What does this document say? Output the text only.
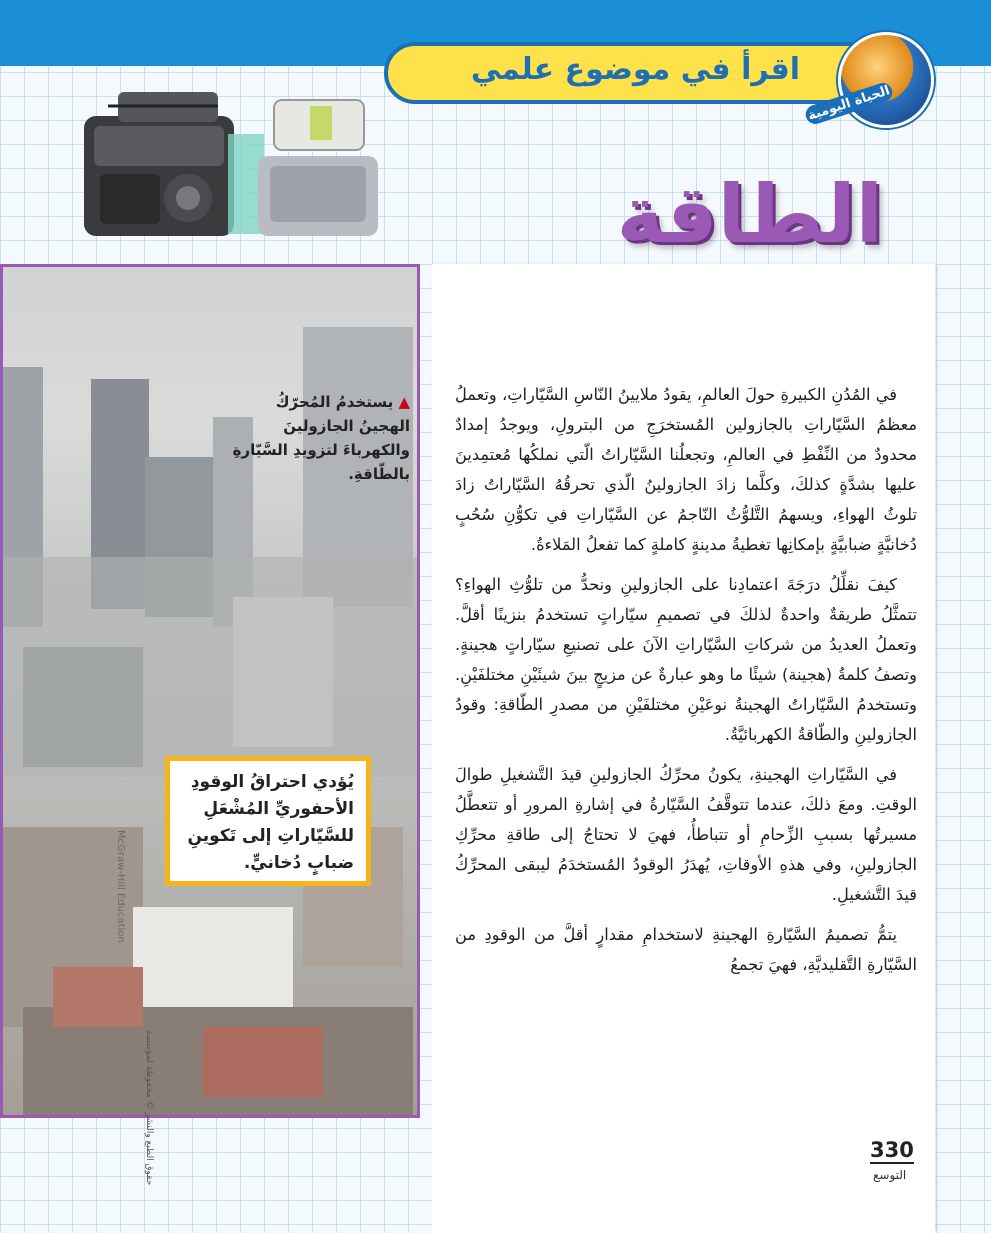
اقرأ في موضوع علمي
الحياة اليومية
الطاقة
▲ يستخدمُ المُحرّكُ الهجينُ الجازولينَ والكهرباءَ لتزويدِ السَّيّارةِ بالطّاقةِ.
يُؤدي احتراقُ الوقودِ الأحفوريِّ المُشْعَلِ للسَّيّاراتِ إلى تَكوينِ ضبابٍ دُخانيٍّ.
McGraw-Hill Education
حقوق الطبع والنشر © محفوظة لمؤسسة

في المُدُنِ الكبيرةِ حولَ العالمِ، يقودُ ملايينُ النّاسِ السَّيّاراتِ، وتعملُ معظمُ السَّيّاراتِ بالجازولين المُستخرَجِ من البترولِ، ويوجدُ إمدادٌ محدودٌ من النِّفْطِ في العالمِ، وتجعلُنا السَّيّاراتُ الّتي نملكُها مُعتمِدينَ عليها بشدَّةٍ كذلكَ، وكلَّما زادَ الجازولينُ الّذي تحرقُهُ السَّيّاراتُ زادَ تلوثُ الهواءِ، ويسهمُ التَّلوُّثُ النّاجمُ عن السَّيّاراتِ في تكوُّنِ سُحُبٍ دُخانيَّةٍ ضبابيَّةٍ بإمكانِها تغطيةُ مدينةٍ كاملةٍ كما تفعلُ المَلاءةُ.

كيفَ نقلِّلُ درَجَةَ اعتمادِنا على الجازولينِ ونحدُّ من تلوُّثِ الهواءِ؟ تتمثَّلُ طريقةٌ واحدةٌ لذلكَ في تصميمِ سيّاراتٍ تستخدمُ بنزينًا أقلَّ. وتعملُ العديدُ من شركاتِ السَّيّاراتِ الآنَ على تصنيعِ سيّاراتٍ هجينةٍ. وتصفُ كلمةُ (هجينة) شيئًا ما وهو عبارةٌ عن مزيجٍ بينَ شيئَيْنِ مختلفَيْنِ. وتستخدمُ السَّيّاراتُ الهجينةُ نوعَيْنِ مختلفَيْنِ من مصدرِ الطّاقةِ: وقودُ الجازولينِ والطّاقةُ الكهربائيَّةُ.

في السَّيّاراتِ الهجينةِ، يكونُ محرِّكُ الجازولينِ قيدَ التَّشغيلِ طوالَ الوقتِ. ومعَ ذلكَ، عندما تتوقَّفُ السَّيّارةُ في إشارةِ المرورِ أو تتعطَّلُ مسيرتُها بسببِ الزِّحامِ أو تتباطأُ، فهيَ لا تحتاجُ إلى طاقةِ محرِّكِ الجازولينِ، وفي هذهِ الأوقاتِ، يُهدَرُ الوقودُ المُستخدَمُ ليبقى المحرِّكُ قيدَ التَّشغيلِ.

يتمُّ تصميمُ السَّيّارةِ الهجينةِ لاستخدامِ مقدارٍ أقلَّ من الوقودِ من السَّيّارةِ التَّقليديَّةِ، فهيَ تجمعُ

330
التوسع
